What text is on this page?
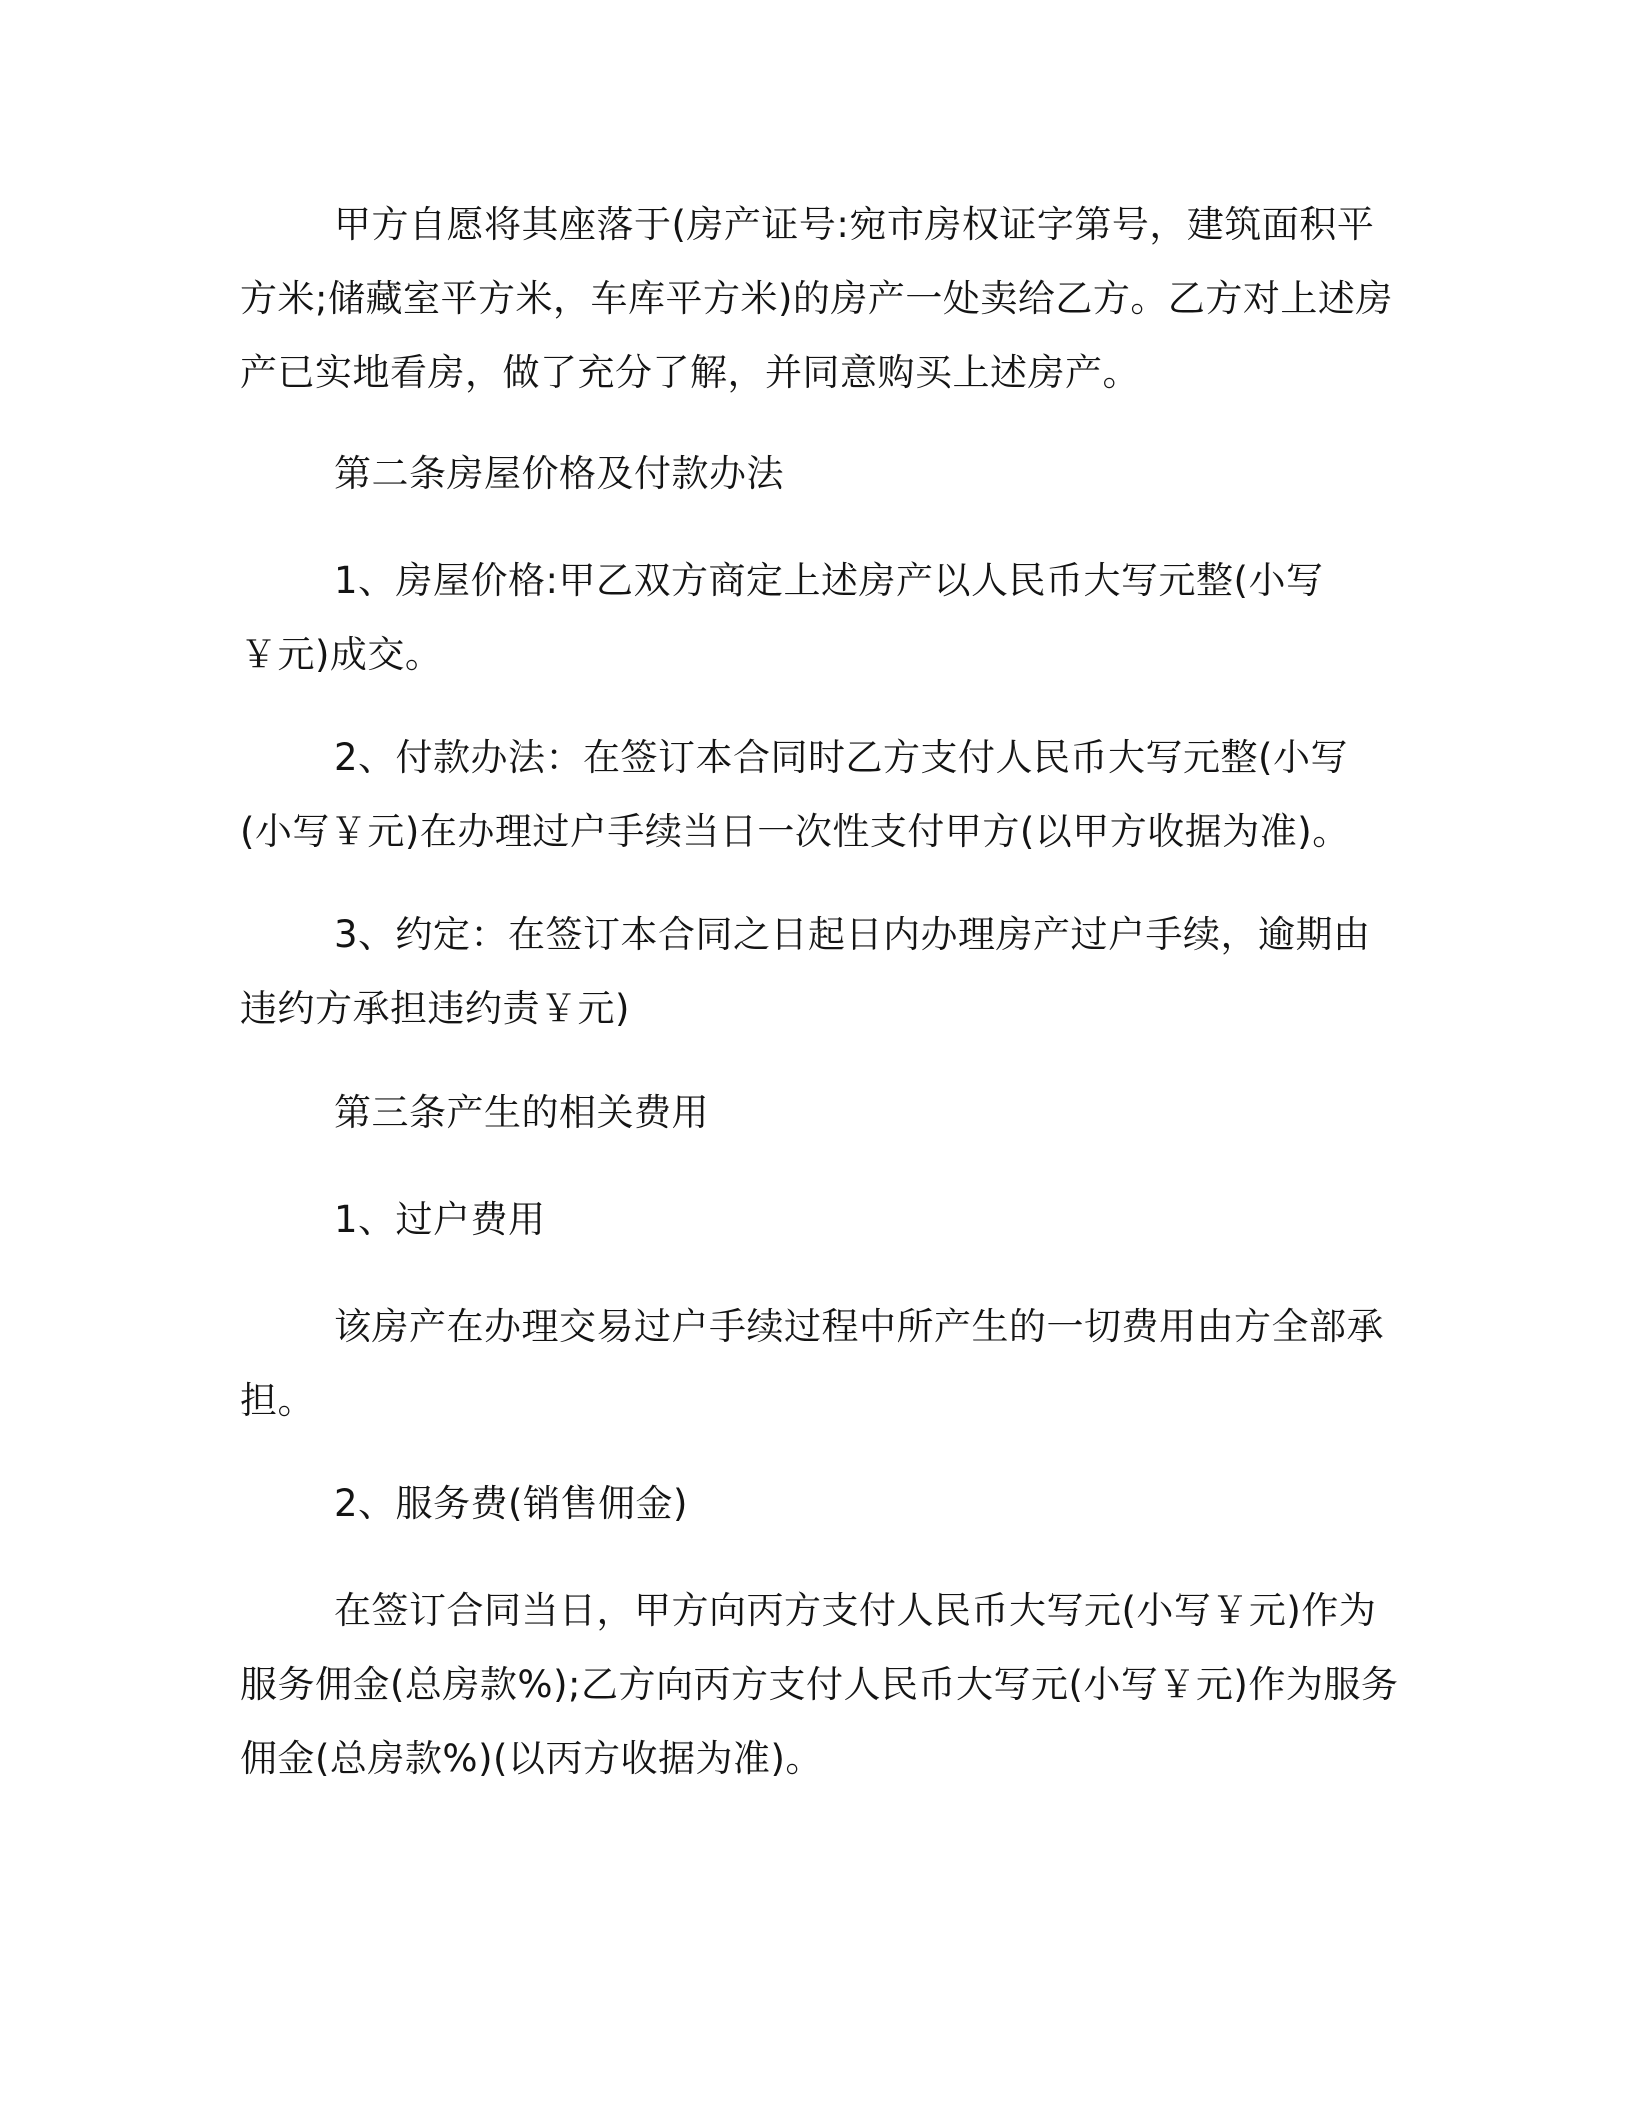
甲方自愿将其座落于(房产证号:宛市房权证字第号，建筑面积平方米;储藏室平方米，车库平方米)的房产一处卖给乙方。乙方对上述房产已实地看房，做了充分了解，并同意购买上述房产。

第二条房屋价格及付款办法

1、房屋价格:甲乙双方商定上述房产以人民币大写元整(小写￥元)成交。

2、付款办法：在签订本合同时乙方支付人民币大写元整(小写(小写￥元)在办理过户手续当日一次性支付甲方(以甲方收据为准)。

3、约定：在签订本合同之日起日内办理房产过户手续，逾期由违约方承担违约责￥元)

第三条产生的相关费用

1、过户费用

该房产在办理交易过户手续过程中所产生的一切费用由方全部承担。

2、服务费(销售佣金)

在签订合同当日，甲方向丙方支付人民币大写元(小写￥元)作为服务佣金(总房款%);乙方向丙方支付人民币大写元(小写￥元)作为服务佣金(总房款%)(以丙方收据为准)。
